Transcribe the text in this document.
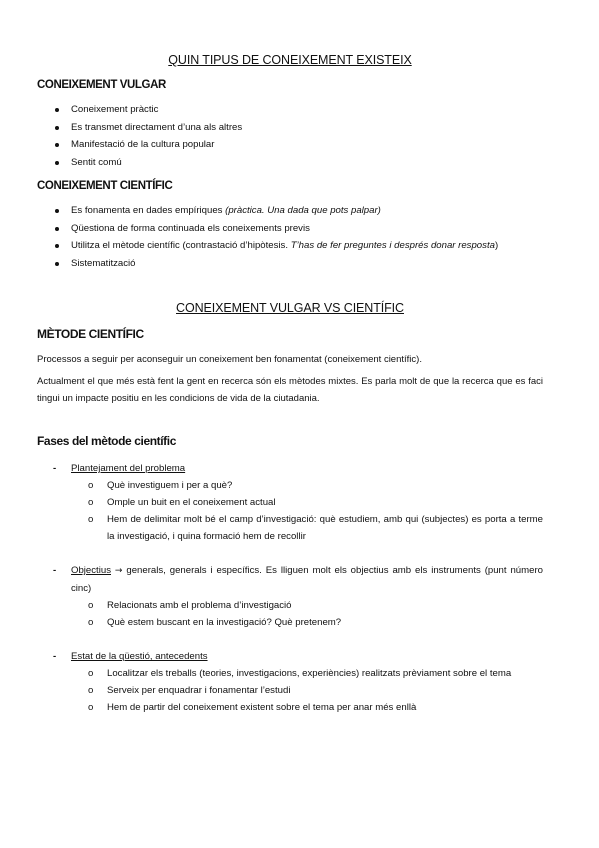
QUIN TIPUS DE CONEIXEMENT EXISTEIX
CONEIXEMENT VULGAR
Coneixement pràctic
Es transmet directament d’una als altres
Manifestació de la cultura popular
Sentit comú
CONEIXEMENT CIENTÍFIC
Es fonamenta en dades empíriques (pràctica. Una dada que pots palpar)
Qüestiona de forma continuada els coneixements previs
Utilitza el mètode científic (contrastació d’hipòtesis. T’has de fer preguntes i després donar resposta)
Sistematització
CONEIXEMENT VULGAR VS CIENTÍFIC
MÈTODE CIENTÍFIC

Processos a seguir per aconseguir un coneixement ben fonamentat (coneixement científic).

Actualment el que més està fent la gent en recerca són els mètodes mixtes. Es parla molt de que la recerca que es faci tingui un impacte positiu en les condicions de vida de la ciutadania.

Fases del mètode científic
- Plantejament del problema
o Què investiguem i per a què?
o Omple un buit en el coneixement actual
o Hem de delimitar molt bé el camp d’investigació: què estudiem, amb qui (subjectes) es porta a terme la investigació, i quina formació hem de recollir
- Objectius → generals, generals i específics. Es lliguen molt els objectius amb els instruments (punt número cinc)
o Relacionats amb el problema d’investigació
o Què estem buscant en la investigació? Què pretenem?
- Estat de la qüestió, antecedents
o Localitzar els treballs (teories, investigacions, experiències) realitzats prèviament sobre el tema
o Serveix per enquadrar i fonamentar l’estudi
o Hem de partir del coneixement existent sobre el tema per anar més enllà
